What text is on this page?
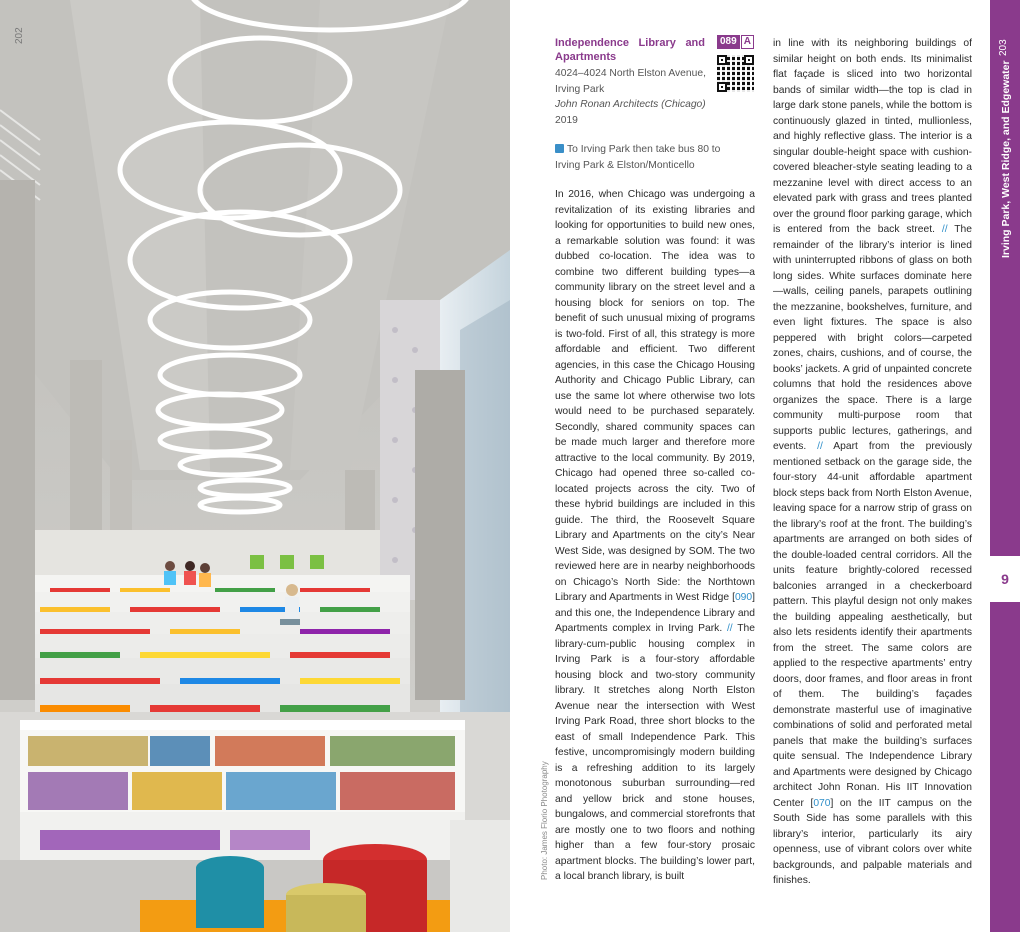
202
Photo: James Florio Photography
089 A
Independence Library and Apartments
4024–4024 North Elston Avenue,
Irving Park
John Ronan Architects (Chicago)
2019
To Irving Park then take bus 80 to
Irving Park & Elston/Monticello
In 2016, when Chicago was undergoing a revitalization of its existing libraries and looking for opportunities to build new ones, a remarkable solution was found: it was dubbed co-location. The idea was to combine two different building types—a community library on the street level and a housing block for seniors on top. The benefit of such unusual mixing of programs is two-fold. First of all, this strategy is more affordable and efficient. Two different agencies, in this case the Chicago Housing Authority and Chicago Public Library, can use the same lot where otherwise two lots would need to be purchased separately. Secondly, shared community spaces can be made much larger and therefore more attractive to the local community. By 2019, Chicago had opened three so-called co-located projects across the city. Two of these hybrid buildings are included in this guide. The third, the Roosevelt Square Library and Apartments on the city’s Near West Side, was designed by SOM. The two reviewed here are in nearby neighborhoods on Chicago’s North Side: the Northtown Library and Apartments in West Ridge [090] and this one, the Independence Library and Apartments complex in Irving Park. // The library-cum-public housing complex in Irving Park is a four-story affordable housing block and two-story community library. It stretches along North Elston Avenue near the intersection with West Irving Park Road, three short blocks to the east of small Independence Park. This festive, uncompromisingly modern building is a refreshing addition to its largely monotonous suburban surrounding—red and yellow brick and stone houses, bungalows, and commercial storefronts that are mostly one to two floors and nothing higher than a few four-story prosaic apartment blocks. The building’s lower part, a local branch library, is built
in line with its neighboring buildings of similar height on both ends. Its minimalist flat façade is sliced into two horizontal bands of similar width—the top is clad in large dark stone panels, while the bottom is continuously glazed in tinted, mullionless, and highly reflective glass. The interior is a singular double-height space with cushion-covered bleacher-style seating leading to a mezzanine level with direct access to an elevated park with grass and trees planted over the ground floor parking garage, which is entered from the back street. // The remainder of the library’s interior is lined with uninterrupted ribbons of glass on both long sides. White surfaces dominate here—walls, ceiling panels, parapets outlining the mezzanine, bookshelves, furniture, and even light fixtures. The space is also peppered with bright colors—carpeted zones, chairs, cushions, and of course, the books’ jackets. A grid of unpainted concrete columns that hold the residences above organizes the space. There is a large community multi-purpose room that supports public lectures, gatherings, and events. // Apart from the previously mentioned setback on the garage side, the four-story 44-unit affordable apartment block steps back from North Elston Avenue, leaving space for a narrow strip of grass on the library’s roof at the front. The building’s apartments are arranged on both sides of the double-loaded central corridors. All the units feature brightly-colored recessed balconies arranged in a checkerboard pattern. This playful design not only makes the building appealing aesthetically, but also lets residents identify their apartments from the street. The same colors are applied to the respective apartments’ entry doors, door frames, and floor areas in front of them. The building’s façades demonstrate masterful use of imaginative combinations of solid and perforated metal panels that make the building’s surfaces quite sensual. The Independence Library and Apartments were designed by Chicago architect John Ronan. His IIT Innovation Center [070] on the IIT campus on the South Side has some parallels with this library’s interior, particularly its airy openness, use of vibrant colors over white backgrounds, and palpable materials and finishes.
203
Irving Park, West Ridge, and Edgewater
9
